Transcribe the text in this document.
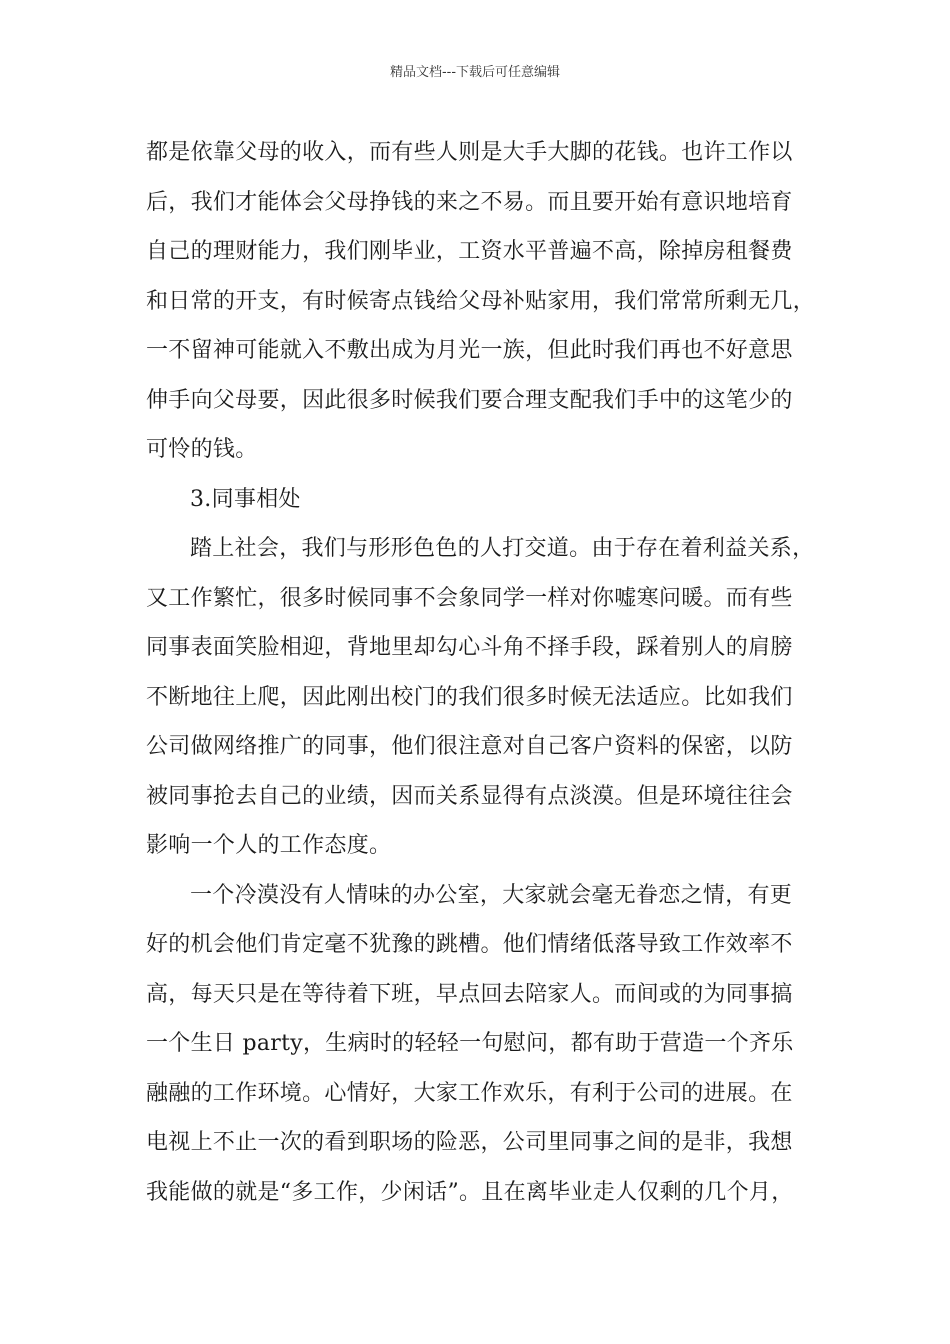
精品文档---下载后可任意编辑
都是依靠父母的收入，而有些人则是大手大脚的花钱。也许工作以
后，我们才能体会父母挣钱的来之不易。而且要开始有意识地培育
自己的理财能力，我们刚毕业，工资水平普遍不高，除掉房租餐费
和日常的开支，有时候寄点钱给父母补贴家用，我们常常所剩无几，
一不留神可能就入不敷出成为月光一族，但此时我们再也不好意思
伸手向父母要，因此很多时候我们要合理支配我们手中的这笔少的
可怜的钱。
3.同事相处
踏上社会，我们与形形色色的人打交道。由于存在着利益关系，
又工作繁忙，很多时候同事不会象同学一样对你嘘寒问暖。而有些
同事表面笑脸相迎，背地里却勾心斗角不择手段，踩着别人的肩膀
不断地往上爬，因此刚出校门的我们很多时候无法适应。比如我们
公司做网络推广的同事，他们很注意对自己客户资料的保密，以防
被同事抢去自己的业绩，因而关系显得有点淡漠。但是环境往往会
影响一个人的工作态度。
一个冷漠没有人情味的办公室，大家就会毫无眷恋之情，有更
好的机会他们肯定毫不犹豫的跳槽。他们情绪低落导致工作效率不
高，每天只是在等待着下班，早点回去陪家人。而间或的为同事搞
一个生日 party，生病时的轻轻一句慰问，都有助于营造一个齐乐
融融的工作环境。心情好，大家工作欢乐，有利于公司的进展。在
电视上不止一次的看到职场的险恶，公司里同事之间的是非，我想
我能做的就是“多工作，少闲话”。且在离毕业走人仅剩的几个月，
